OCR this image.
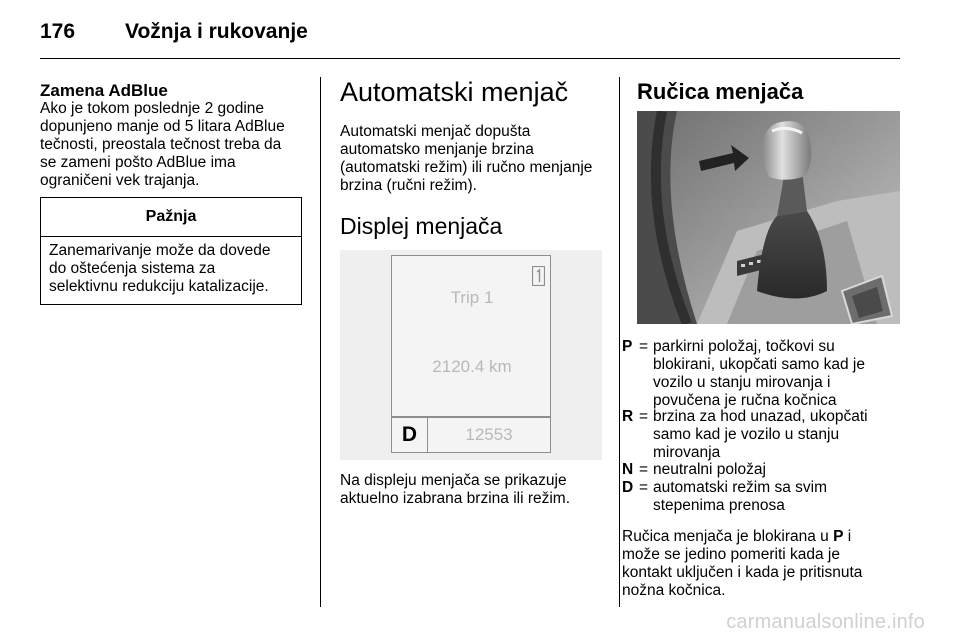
176 Vožnja i rukovanje
Zamena AdBlue
Ako je tokom poslednje 2 godine
dopunjeno manje od 5 litara AdBlue
tečnosti, preostala tečnost treba da
se zameni pošto AdBlue ima
ograničeni vek trajanja.
Pažnja
Zanemarivanje može da dovede
do oštećenja sistema za
selektivnu redukciju katalizacije.
Automatski menjač
Automatski menjač dopušta
automatsko menjanje brzina
(automatski režim) ili ručno menjanje
brzina (ručni režim).
Displej menjača
Trip 1
2120.4 km
D	12553
Na displeju menjača se prikazuje
aktuelno izabrana brzina ili režim.
Ručica menjača
P = parkirni položaj, točkovi su
blokirani, ukopčati samo kad je
vozilo u stanju mirovanja i
povučena je ručna kočnica
R = brzina za hod unazad, ukopčati
samo kad je vozilo u stanju
mirovanja
N = neutralni položaj
D = automatski režim sa svim
stepenima prenosa
Ručica menjača je blokirana u P i
može se jedino pomeriti kada je
kontakt uključen i kada je pritisnuta
nožna kočnica.
carmanualsonline.info
